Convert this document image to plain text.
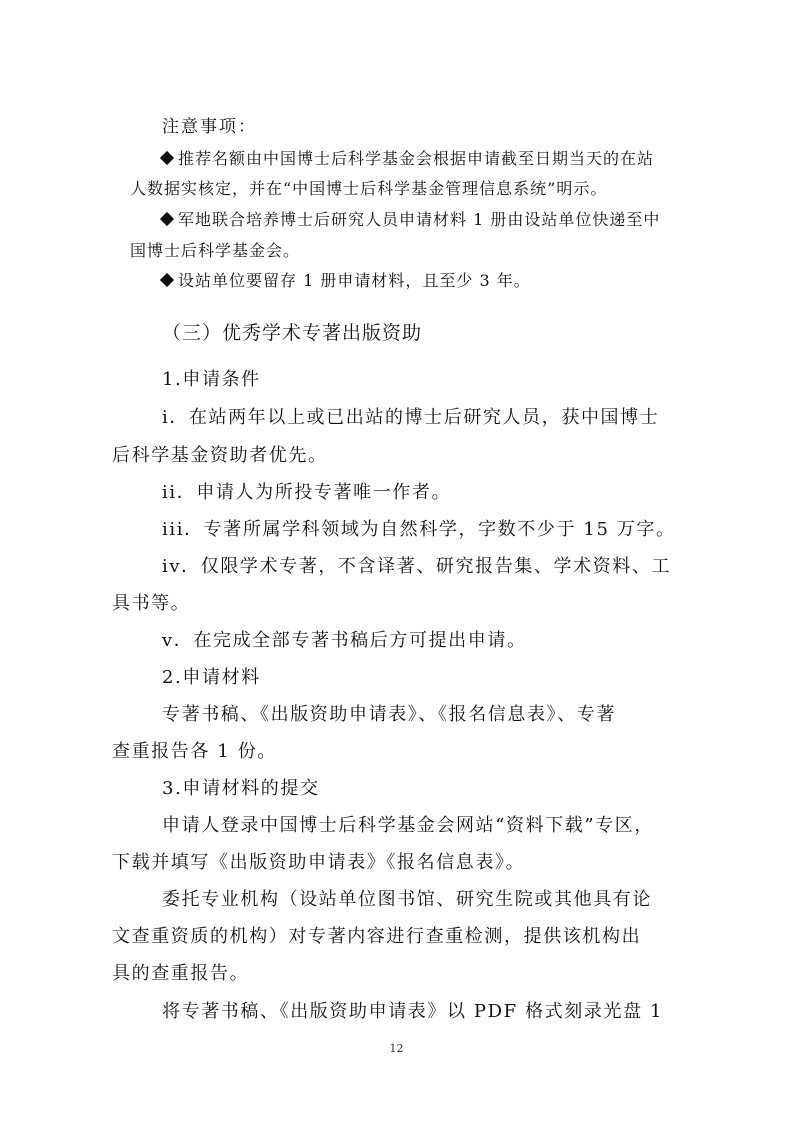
注意事项：
推荐名额由中国博士后科学基金会根据申请截至日期当天的在站
人数据实核定，并在“中国博士后科学基金管理信息系统”明示。
军地联合培养博士后研究人员申请材料 1 册由设站单位快递至中
国博士后科学基金会。
设站单位要留存 1 册申请材料，且至少 3 年。
（三）优秀学术专著出版资助
1.申请条件
i．在站两年以上或已出站的博士后研究人员，获中国博士
后科学基金资助者优先。
ii．申请人为所投专著唯一作者。
iii．专著所属学科领域为自然科学，字数不少于 15 万字。
iv．仅限学术专著，不含译著、研究报告集、学术资料、工
具书等。
v．在完成全部专著书稿后方可提出申请。
2.申请材料
专著书稿、《出版资助申请表》、《报名信息表》、专著
查重报告各 1 份。
3.申请材料的提交
申请人登录中国博士后科学基金会网站“资料下载”专区，
下载并填写《出版资助申请表》《报名信息表》。
委托专业机构（设站单位图书馆、研究生院或其他具有论
文查重资质的机构）对专著内容进行查重检测，提供该机构出
具的查重报告。
将专著书稿、《出版资助申请表》以 PDF 格式刻录光盘 1
12
